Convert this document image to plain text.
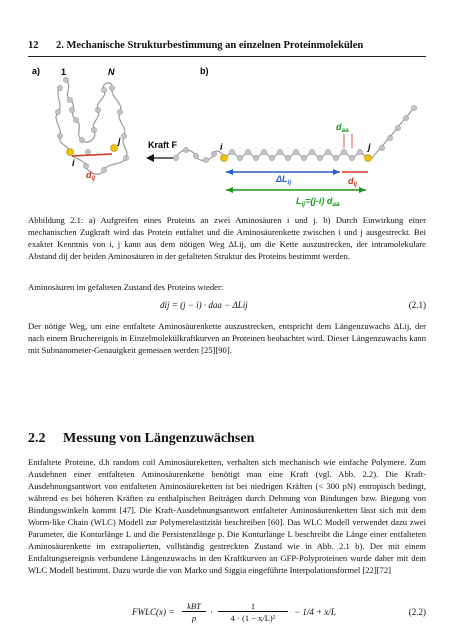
12 2. Mechanische Strukturbestimmung an einzelnen Proteinmolekülen
a) 1	N
i
j
$d_{ij}$
b)
Kraft F	i	j
$d_{aa}$
$\Delta L_{ij}$	$d_{ij}$
$L_{ij}=(j-i)$ $d_{aa}$

Abbildung 2.1: a) Aufgreifen eines Proteins an zwei Aminosäuren i und j. b) Durch Einwirkung einer mechanischen Zugkraft wird das Protein entfaltet und die Aminosäurenkette zwischen i und j ausgestreckt. Bei exakter Kenntnis von i, j kann aus dem nötigen Weg ΔLij, um die Kette auszustrecken, der intramolekulare Abstand dij der beiden Aminosäuren in der gefalteten Struktur des Proteins bestimmt werden.

Aminosäuren im gefalteten Zustand des Proteins wieder:

dij = (j − i) · daa − ΔLij	(2.1)

Der nötige Weg, um eine entfaltete Aminosäurenkette auszustrecken, entspricht dem Längenzuwachs ΔLij, der nach einem Bruchereignis in Einzelmolekülkraftkurven an Proteinen beobachtet wird. Dieser Längenzuwachs kann mit Subnanometer-Genauigkeit gemessen werden [25][90].

2.2 Messung von Längenzuwächsen

Entfaltete Proteine, d.h random coil Aminosäureketten, verhalten sich mechanisch wie einfache Polymere. Zum Ausdehnen einer entfalteten Aminosäurenkette benötigt man eine Kraft (vgl. Abb. 2.2). Die Kraft-Ausdehnungsantwort von entfalteten Aminosäureketten ist bei niedrigen Kräften (< 300 pN) entropisch bedingt, während es bei höheren Kräften zu enthalpischen Beiträgen durch Dehnung von Bindungen bzw. Biegung von Bindungswinkeln kommt [47]. Die Kraft-Ausdehnungsantwort entfalteter Aminosäurenketten lässt sich mit dem Worm-like Chain (WLC) Modell zur Polymerelastizität beschreiben [60]. Das WLC Modell verwendet dazu zwei Parameter, die Konturlänge L und die Persistenzlänge p. Die Konturlänge L beschreibt die Länge einer entfalteten Aminosäurenkette im extrapolierten, vollständig gestreckten Zustand wie in Abb. 2.1 b). Der mit einem Entfaltungsereignis verbundene Längenzuwachs in den Kraftkurven an GFP-Polyproteinen wurde daher mit dem WLC Modell bestimmt. Dazu wurde die von Marko und Siggia eingeführte Interpolationsformel [22][72]

FWLC(x) =
kBT
p
·
1
4 · (1 − x/L)²
− 1/4 + x/L	(2.2)
